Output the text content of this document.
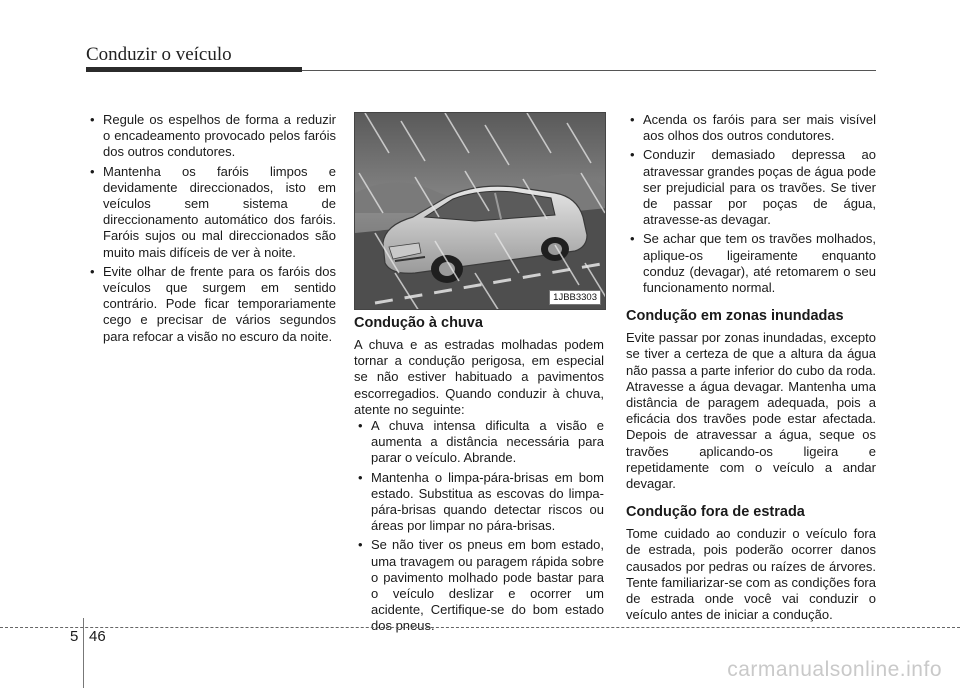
Conduzir o veículo
• Regule os espelhos de forma a reduzir o encadeamento provocado pelos faróis dos outros condutores.
• Mantenha os faróis limpos e devidamente direccionados, isto em veículos sem sistema de direccionamento automático dos faróis. Faróis sujos ou mal direccionados são muito mais difíceis de ver à noite.
• Evite olhar de frente para os faróis dos veículos que surgem em sentido contrário. Pode ficar temporariamente cego e precisar de vários segundos para refocar a visão no escuro da noite.
1JBB3303
Condução à chuva

A chuva e as estradas molhadas podem tornar a condução perigosa, em especial se não estiver habituado a pavimentos escorregadios. Quando conduzir à chuva, atente no seguinte:

• A chuva intensa dificulta a visão e aumenta a distância necessária para parar o veículo. Abrande.
• Mantenha o limpa-pára-brisas em bom estado. Substitua as escovas do limpa-pára-brisas quando detectar riscos ou áreas por limpar no pára-brisas.
• Se não tiver os pneus em bom estado, uma travagem ou paragem rápida sobre o pavimento molhado pode bastar para o veículo deslizar e ocorrer um acidente, Certifique-se do bom estado dos pneus.
• Acenda os faróis para ser mais visível aos olhos dos outros condutores.
• Conduzir demasiado depressa ao atravessar grandes poças de água pode ser prejudicial para os travões. Se tiver de passar por poças de água, atravesse-as devagar.
• Se achar que tem os travões molhados, aplique-os ligeiramente enquanto conduz (devagar), até retomarem o seu funcionamento normal.
Condução em zonas inundadas

Evite passar por zonas inundadas, excepto se tiver a certeza de que a altura da água não passa a parte inferior do cubo da roda. Atravesse a água devagar. Mantenha uma distância de paragem adequada, pois a eficácia dos travões pode estar afectada. Depois de atravessar a água, seque os travões aplicando-os ligeira e repetidamente com o veículo a andar devagar.

Condução fora de estrada

Tome cuidado ao conduzir o veículo fora de estrada, pois poderão ocorrer danos causados por pedras ou raízes de árvores. Tente familiarizar-se com as condições fora de estrada onde você vai conduzir o veículo antes de iniciar a condução.

5 46
carmanualsonline.info
